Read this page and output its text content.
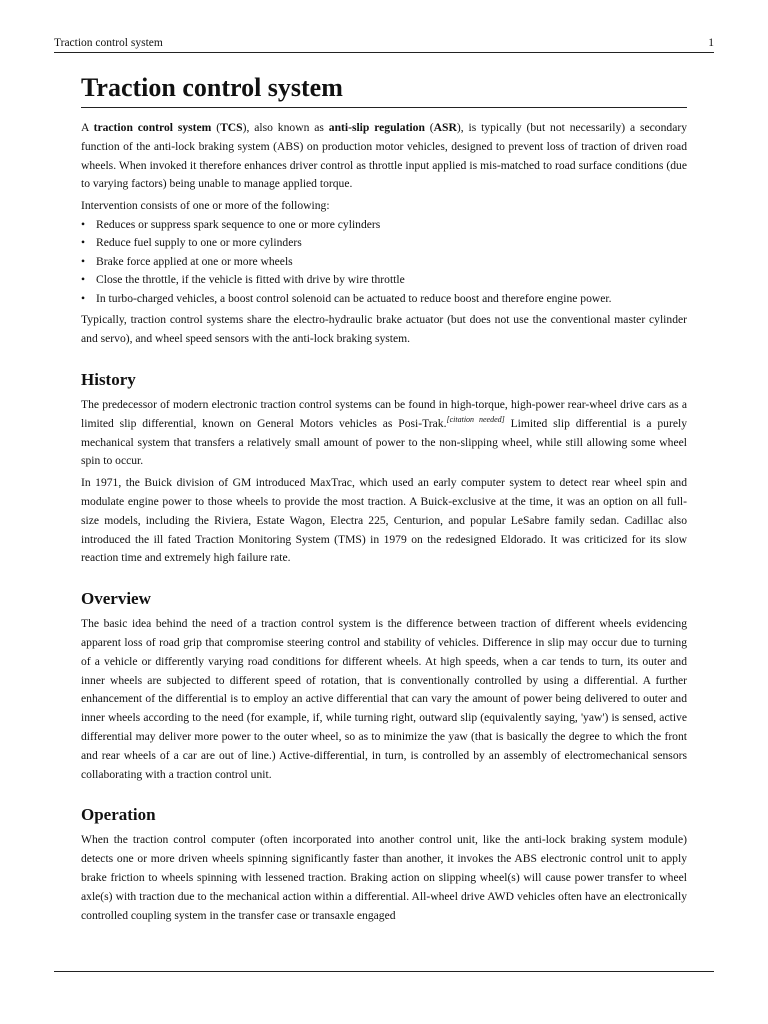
Traction control system	1
Traction control system

A traction control system (TCS), also known as anti-slip regulation (ASR), is typically (but not necessarily) a secondary function of the anti-lock braking system (ABS) on production motor vehicles, designed to prevent loss of traction of driven road wheels. When invoked it therefore enhances driver control as throttle input applied is mis-matched to road surface conditions (due to varying factors) being unable to manage applied torque.

Intervention consists of one or more of the following:

• Reduces or suppress spark sequence to one or more cylinders
• Reduce fuel supply to one or more cylinders
• Brake force applied at one or more wheels
• Close the throttle, if the vehicle is fitted with drive by wire throttle
• In turbo-charged vehicles, a boost control solenoid can be actuated to reduce boost and therefore engine power.

Typically, traction control systems share the electro-hydraulic brake actuator (but does not use the conventional master cylinder and servo), and wheel speed sensors with the anti-lock braking system.

History

The predecessor of modern electronic traction control systems can be found in high-torque, high-power rear-wheel drive cars as a limited slip differential, known on General Motors vehicles as Posi-Trak.[citation needed] Limited slip differential is a purely mechanical system that transfers a relatively small amount of power to the non-slipping wheel, while still allowing some wheel spin to occur.

In 1971, the Buick division of GM introduced MaxTrac, which used an early computer system to detect rear wheel spin and modulate engine power to those wheels to provide the most traction. A Buick-exclusive at the time, it was an option on all full-size models, including the Riviera, Estate Wagon, Electra 225, Centurion, and popular LeSabre family sedan. Cadillac also introduced the ill fated Traction Monitoring System (TMS) in 1979 on the redesigned Eldorado. It was criticized for its slow reaction time and extremely high failure rate.

Overview

The basic idea behind the need of a traction control system is the difference between traction of different wheels evidencing apparent loss of road grip that compromise steering control and stability of vehicles. Difference in slip may occur due to turning of a vehicle or differently varying road conditions for different wheels. At high speeds, when a car tends to turn, its outer and inner wheels are subjected to different speed of rotation, that is conventionally controlled by using a differential. A further enhancement of the differential is to employ an active differential that can vary the amount of power being delivered to outer and inner wheels according to the need (for example, if, while turning right, outward slip (equivalently saying, 'yaw') is sensed, active differential may deliver more power to the outer wheel, so as to minimize the yaw (that is basically the degree to which the front and rear wheels of a car are out of line.) Active-differential, in turn, is controlled by an assembly of electromechanical sensors collaborating with a traction control unit.

Operation

When the traction control computer (often incorporated into another control unit, like the anti-lock braking system module) detects one or more driven wheels spinning significantly faster than another, it invokes the ABS electronic control unit to apply brake friction to wheels spinning with lessened traction. Braking action on slipping wheel(s) will cause power transfer to wheel axle(s) with traction due to the mechanical action within a differential. All-wheel drive AWD vehicles often have an electronically controlled coupling system in the transfer case or transaxle engaged
